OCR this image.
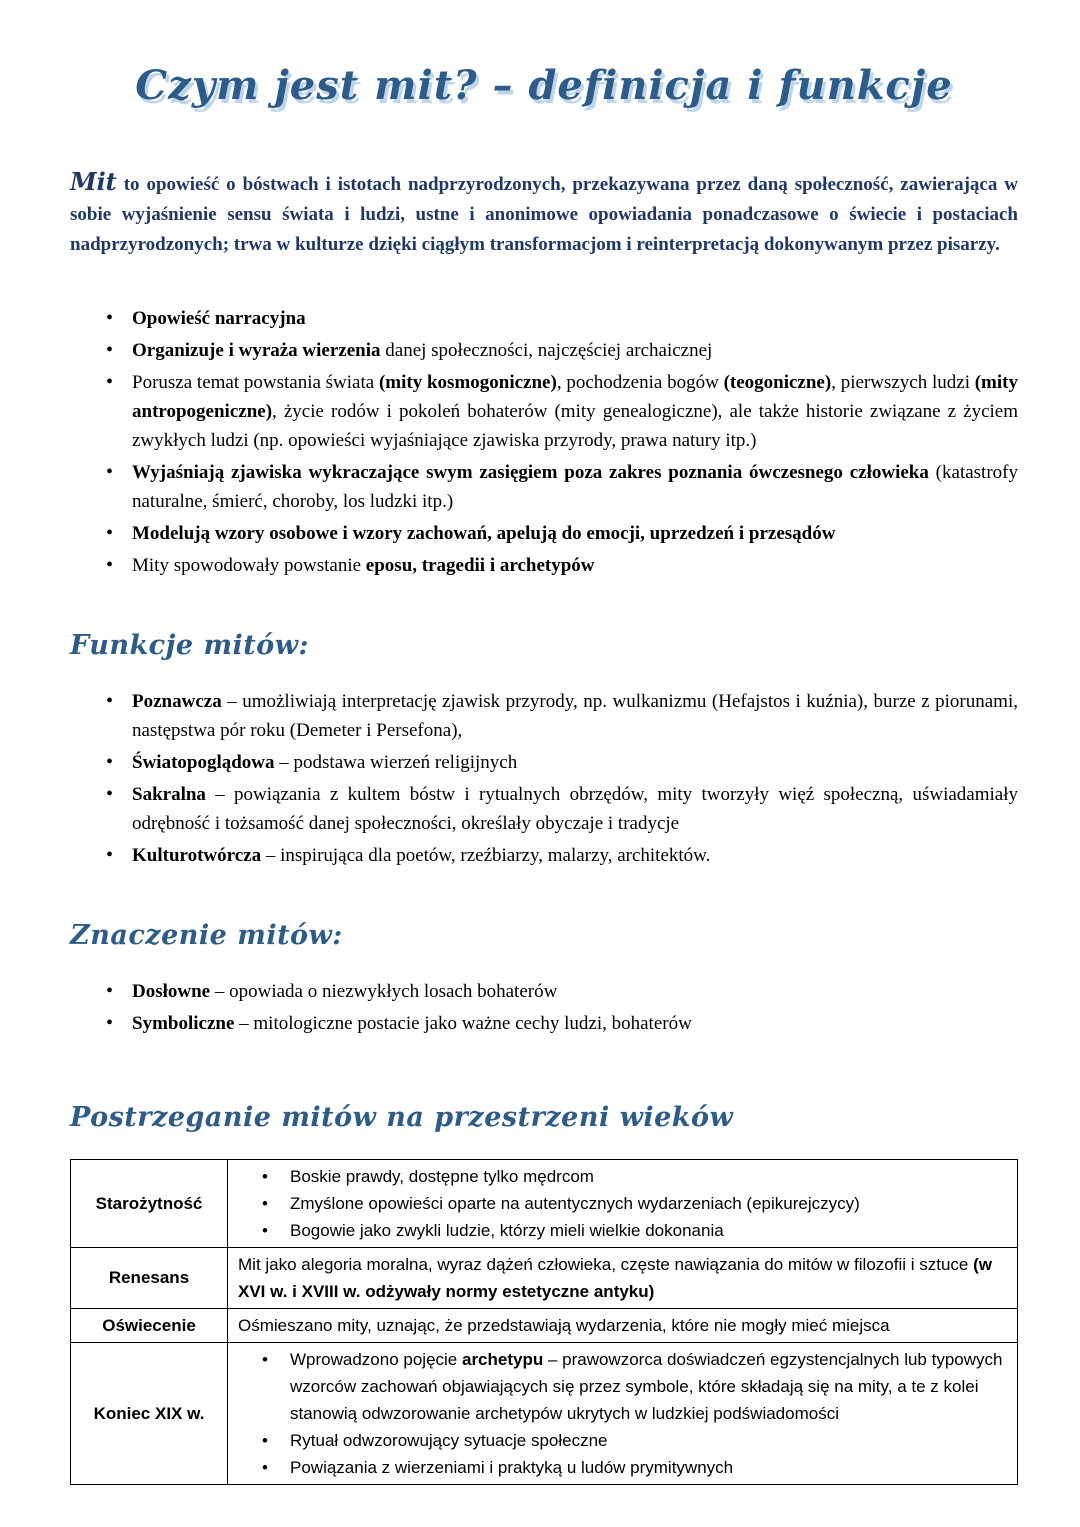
Czym jest mit? – definicja i funkcje

Mit to opowieść o bóstwach i istotach nadprzyrodzonych, przekazywana przez daną społeczność, zawierająca w sobie wyjaśnienie sensu świata i ludzi, ustne i anonimowe opowiadania ponadczasowe o świecie i postaciach nadprzyrodzonych; trwa w kulturze dzięki ciągłym transformacjom i reinterpretacją dokonywanym przez pisarzy.

• Opowieść narracyjna
• Organizuje i wyraża wierzenia danej społeczności, najczęściej archaicznej
• Porusza temat powstania świata (mity kosmogoniczne), pochodzenia bogów (teogoniczne), pierwszych ludzi (mity antropogeniczne), życie rodów i pokoleń bohaterów (mity genealogiczne), ale także historie związane z życiem zwykłych ludzi (np. opowieści wyjaśniające zjawiska przyrody, prawa natury itp.)
• Wyjaśniają zjawiska wykraczające swym zasięgiem poza zakres poznania ówczesnego człowieka (katastrofy naturalne, śmierć, choroby, los ludzki itp.)
• Modelują wzory osobowe i wzory zachowań, apelują do emocji, uprzedzeń i przesądów
• Mity spowodowały powstanie eposu, tragedii i archetypów
Funkcje mitów:
• Poznawcza – umożliwiają interpretację zjawisk przyrody, np. wulkanizmu (Hefajstos i kuźnia), burze z piorunami, następstwa pór roku (Demeter i Persefona),
• Światopoglądowa – podstawa wierzeń religijnych
• Sakralna – powiązania z kultem bóstw i rytualnych obrzędów, mity tworzyły więź społeczną, uświadamiały odrębność i tożsamość danej społeczności, określały obyczaje i tradycje
• Kulturotwórcza – inspirująca dla poetów, rzeźbiarzy, malarzy, architektów.
Znaczenie mitów:
• Dosłowne – opowiada o niezwykłych losach bohaterów
• Symboliczne – mitologiczne postacie jako ważne cechy ludzi, bohaterów
Postrzeganie mitów na przestrzeni wieków
Starożytność	
• Boskie prawdy, dostępne tylko mędrcom
• Zmyślone opowieści oparte na autentycznych wydarzeniach (epikurejczycy)
• Bogowie jako zwykli ludzie, którzy mieli wielkie dokonania

Renesans	Mit jako alegoria moralna, wyraz dążeń człowieka, częste nawiązania do mitów w filozofii i sztuce (w XVI w. i XVIII w. odżywały normy estetyczne antyku)

Oświecenie	Ośmieszano mity, uznając, że przedstawiają wydarzenia, które nie mogły mieć miejsca

Koniec XIX w.	
• Wprowadzono pojęcie archetypu – prawowzorca doświadczeń egzystencjalnych lub typowych wzorców zachowań objawiających się przez symbole, które składają się na mity, a te z kolei stanowią odwzorowanie archetypów ukrytych w ludzkiej podświadomości
• Rytuał odwzorowujący sytuacje społeczne
• Powiązania z wierzeniami i praktyką u ludów prymitywnych
